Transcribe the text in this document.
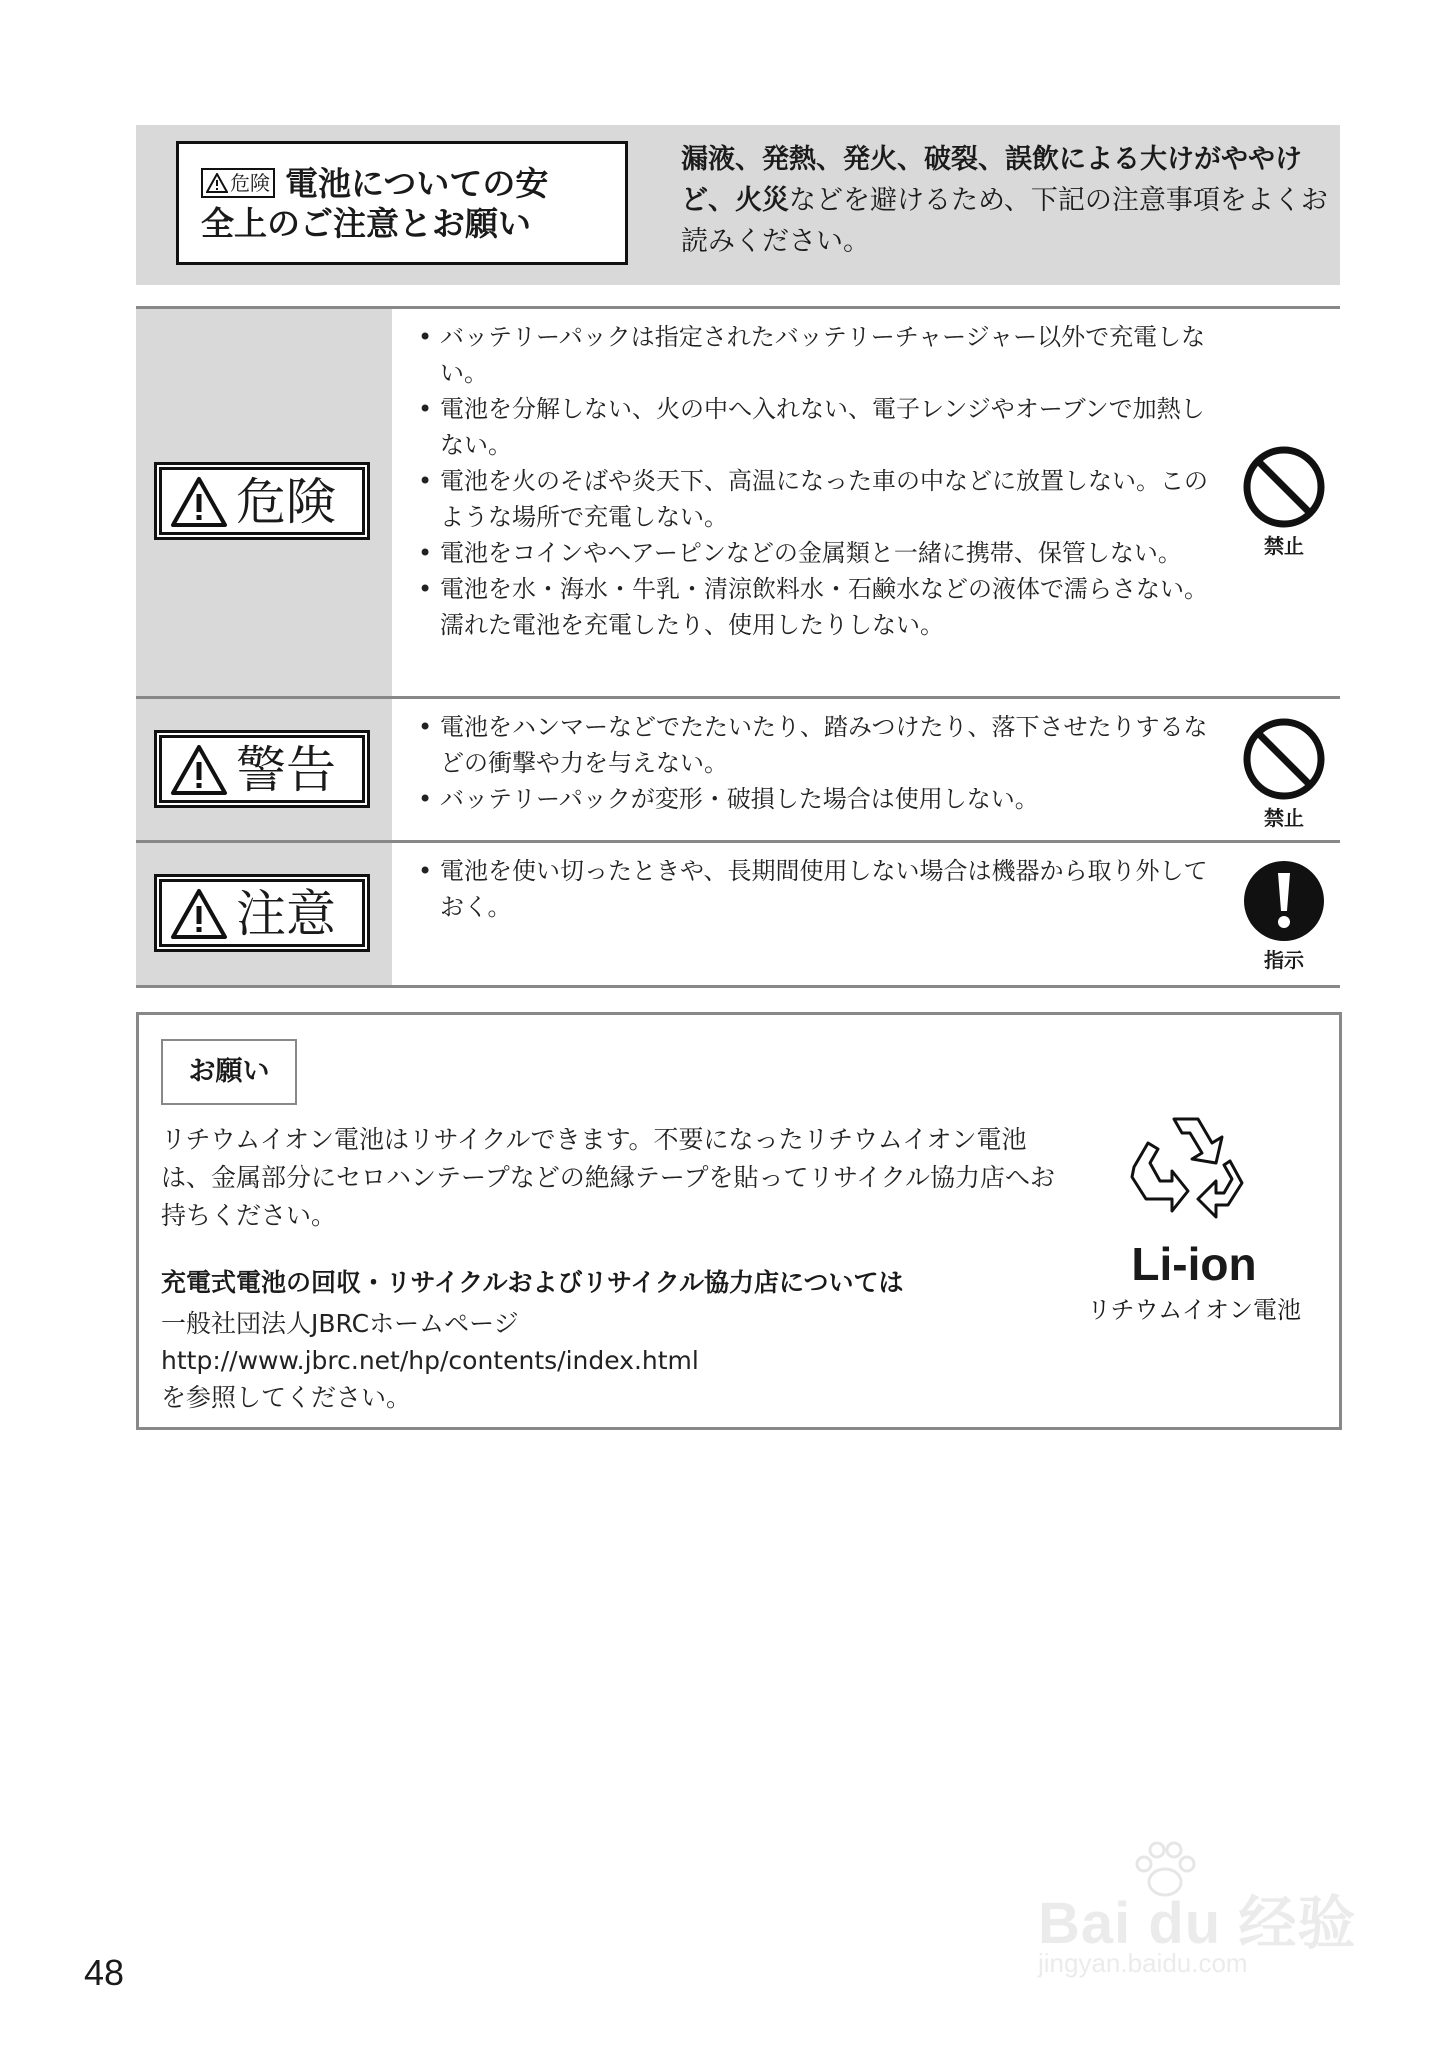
危険 電池についての安
全上のご注意とお願い
漏液、発熱、発火、破裂、誤飲による大けがややけど、火災などを避けるため、下記の注意事項をよくお読みください。
危険
• バッテリーパックは指定されたバッテリーチャージャー以外で充電しない。
• 電池を分解しない、火の中へ入れない、電子レンジやオーブンで加熱しない。
• 電池を火のそばや炎天下、高温になった車の中などに放置しない。このような場所で充電しない。
• 電池をコインやヘアーピンなどの金属類と一緒に携帯、保管しない。
• 電池を水・海水・牛乳・清涼飲料水・石鹸水などの液体で濡らさない。濡れた電池を充電したり、使用したりしない。
禁止
警告
• 電池をハンマーなどでたたいたり、踏みつけたり、落下させたりするなどの衝撃や力を与えない。
• バッテリーパックが変形・破損した場合は使用しない。
禁止
注意
• 電池を使い切ったときや、長期間使用しない場合は機器から取り外しておく。
指示
お願い
リチウムイオン電池はリサイクルできます。不要になったリチウムイオン電池は、金属部分にセロハンテープなどの絶縁テープを貼ってリサイクル協力店へお持ちください。
充電式電池の回収・リサイクルおよびリサイクル協力店については
一般社団法人JBRCホームページ
http://www.jbrc.net/hp/contents/index.html
を参照してください。
Li-ion
リチウムイオン電池
Bai du 经验
jingyan.baidu.com
48
